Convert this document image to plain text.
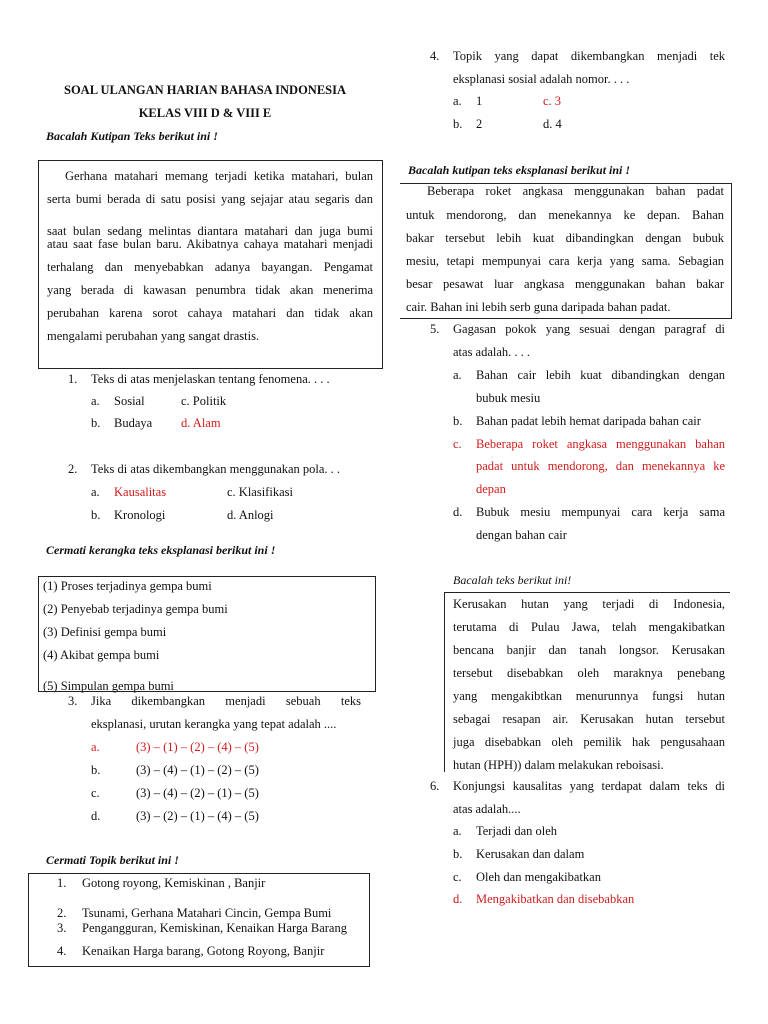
SOAL ULANGAN HARIAN BAHASA INDONESIA
KELAS VIII D & VIII E
Bacalah Kutipan Teks berikut ini !
Gerhana matahari memang terjadi ketika matahari, bulan
serta bumi berada di satu posisi yang sejajar atau segaris dan
saat bulan sedang melintas diantara matahari dan juga bumi
atau saat fase bulan baru. Akibatnya cahaya matahari menjadi
terhalang dan menyebabkan adanya bayangan. Pengamat
yang berada di kawasan penumbra tidak akan menerima
perubahan karena sorot cahaya matahari dan tidak akan
mengalami perubahan yang sangat drastis.
1. Teks di atas menjelaskan tentang fenomena. . . .
a. Sosial	c. Politik
b. Budaya d. Alam
2. Teks di atas dikembangkan menggunakan pola. . .
a. Kausalitas	c. Klasifikasi
b. Kronologi	d. Anlogi
Cermati kerangka teks eksplanasi berikut ini !
(1) Proses terjadinya gempa bumi
(2) Penyebab terjadinya gempa bumi
(3) Definisi gempa bumi
(4) Akibat gempa bumi
(5) Simpulan gempa bumi
3. Jika dikembangkan menjadi sebuah teks
eksplanasi, urutan kerangka yang tepat adalah ....
a.	(3) – (1) – (2) – (4) – (5)
b.	(3) – (4) – (1) – (2) – (5)
c.	(3) – (4) – (2) – (1) – (5)
d.	(3) – (2) – (1) – (4) – (5)
Cermati Topik berikut ini !
1. Gotong royong, Kemiskinan , Banjir
2. Tsunami, Gerhana Matahari Cincin, Gempa Bumi
3. Pengangguran, Kemiskinan, Kenaikan Harga Barang
4. Kenaikan Harga barang, Gotong Royong, Banjir
4. Topik yang dapat dikembangkan menjadi tek
eksplanasi sosial adalah nomor. . . .
a. 1	c. 3
b. 2	d. 4
Bacalah kutipan teks eksplanasi berikut ini !
Beberapa roket angkasa menggunakan bahan padat
untuk mendorong, dan menekannya ke depan. Bahan
bakar tersebut lebih kuat dibandingkan dengan bubuk
mesiu, tetapi mempunyai cara kerja yang sama. Sebagian
besar pesawat luar angkasa menggunakan bahan bakar
cair. Bahan ini lebih serb guna daripada bahan padat.
5. Gagasan pokok yang sesuai dengan paragraf di
atas adalah. . . .
a. Bahan cair lebih kuat dibandingkan dengan
bubuk mesiu
b. Bahan padat lebih hemat daripada bahan cair
c. Beberapa roket angkasa menggunakan bahan
padat untuk mendorong, dan menekannya ke
depan
d. Bubuk mesiu mempunyai cara kerja sama
dengan bahan cair
Bacalah teks berikut ini!
Kerusakan hutan yang terjadi di Indonesia,
terutama di Pulau Jawa, telah mengakibatkan
bencana banjir dan tanah longsor. Kerusakan
tersebut disebabkan oleh maraknya penebang
yang mengakibtkan menurunnya fungsi hutan
sebagai resapan air. Kerusakan hutan tersebut
juga disebabkan oleh pemilik hak pengusahaan
hutan (HPH)) dalam melakukan reboisasi.
6. Konjungsi kausalitas yang terdapat dalam teks di
atas adalah....
a. Terjadi dan oleh
b. Kerusakan dan dalam
c. Oleh dan mengakibatkan
d. Mengakibatkan dan disebabkan
